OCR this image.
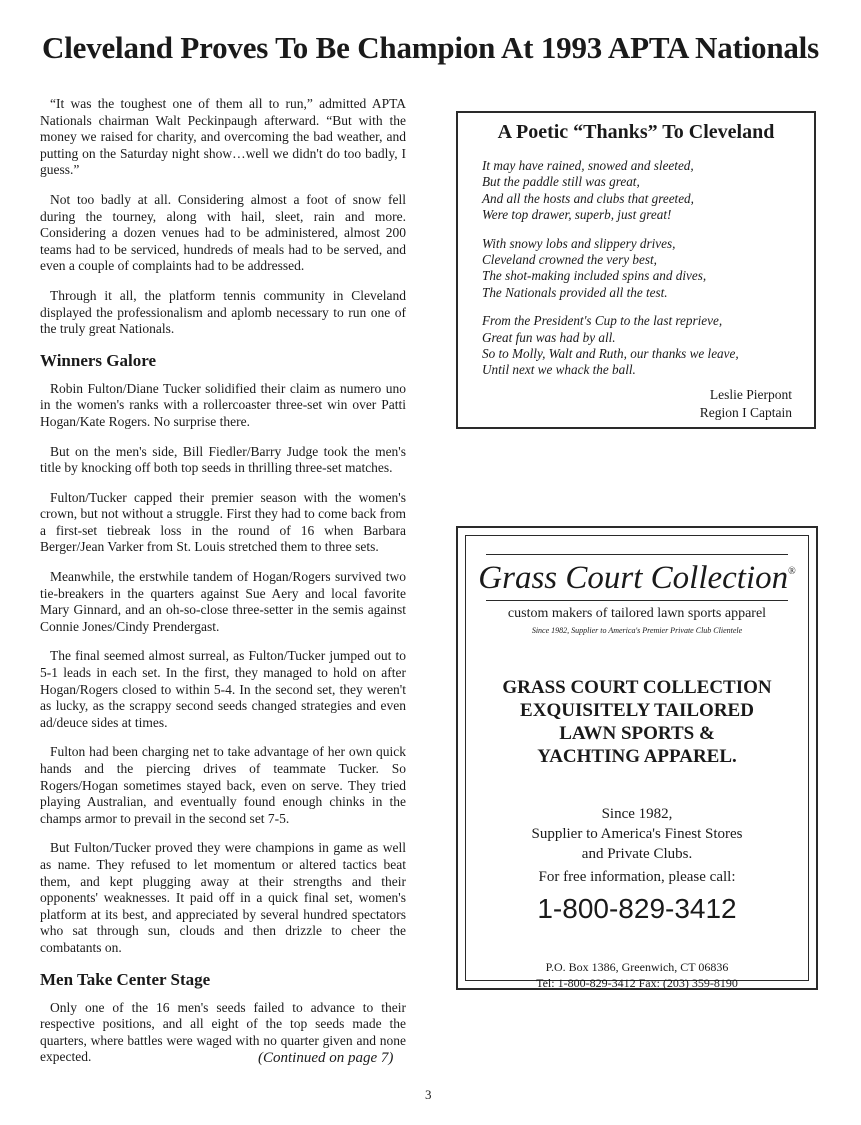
Cleveland Proves To Be Champion At 1993 APTA Nationals

“It was the toughest one of them all to run,” admitted APTA Nationals chairman Walt Peckinpaugh afterward. “But with the money we raised for charity, and overcoming the bad weather, and putting on the Saturday night show…well we didn't do too badly, I guess.”

Not too badly at all. Considering almost a foot of snow fell during the tourney, along with hail, sleet, rain and more. Considering a dozen venues had to be administered, almost 200 teams had to be serviced, hundreds of meals had to be served, and even a couple of complaints had to be addressed.

Through it all, the platform tennis community in Cleveland displayed the professionalism and aplomb necessary to run one of the truly great Nationals.

Winners Galore

Robin Fulton/Diane Tucker solidified their claim as numero uno in the women's ranks with a rollercoaster three-set win over Patti Hogan/Kate Rogers. No surprise there.

But on the men's side, Bill Fiedler/Barry Judge took the men's title by knocking off both top seeds in thrilling three-set matches.

Fulton/Tucker capped their premier season with the women's crown, but not without a struggle. First they had to come back from a first-set tiebreak loss in the round of 16 when Barbara Berger/Jean Varker from St. Louis stretched them to three sets.

Meanwhile, the erstwhile tandem of Hogan/Rogers survived two tie-breakers in the quarters against Sue Aery and local favorite Mary Ginnard, and an oh-so-close three-setter in the semis against Connie Jones/Cindy Prendergast.

The final seemed almost surreal, as Fulton/Tucker jumped out to 5-1 leads in each set. In the first, they managed to hold on after Hogan/Rogers closed to within 5-4. In the second set, they weren't as lucky, as the scrappy second seeds changed strategies and even ad/deuce sides at times.

Fulton had been charging net to take advantage of her own quick hands and the piercing drives of teammate Tucker. So Rogers/Hogan sometimes stayed back, even on serve. They tried playing Australian, and eventually found enough chinks in the champs armor to prevail in the second set 7-5.

But Fulton/Tucker proved they were champions in game as well as name. They refused to let momentum or altered tactics beat them, and kept plugging away at their strengths and their opponents' weaknesses. It paid off in a quick final set, women's platform at its best, and appreciated by several hundred spectators who sat through sun, clouds and then drizzle to cheer the combatants on.

Men Take Center Stage

Only one of the 16 men's seeds failed to advance to their respective positions, and all eight of the top seeds made the quarters, where battles were waged with no quarter given and none expected.	(Continued on page 7)
3
A Poetic “Thanks” To Cleveland
It may have rained, snowed and sleeted,
But the paddle still was great,
And all the hosts and clubs that greeted,
Were top drawer, superb, just great!
With snowy lobs and slippery drives,
Cleveland crowned the very best,
The shot-making included spins and dives,
The Nationals provided all the test.
From the President's Cup to the last reprieve,
Great fun was had by all.
So to Molly, Walt and Ruth, our thanks we leave,
Until next we whack the ball.
Leslie Pierpont
Region I Captain
Grass Court Collection®
custom makers of tailored lawn sports apparel
Since 1982, Supplier to America's Premier Private Club Clientele
GRASS COURT COLLECTION
EXQUISITELY TAILORED
LAWN SPORTS &
YACHTING APPAREL.
Since 1982,
Supplier to America's Finest Stores
and Private Clubs.
For free information, please call:
1-800-829-3412
P.O. Box 1386, Greenwich, CT 06836
Tel: 1-800-829-3412 Fax: (203) 359-8190
